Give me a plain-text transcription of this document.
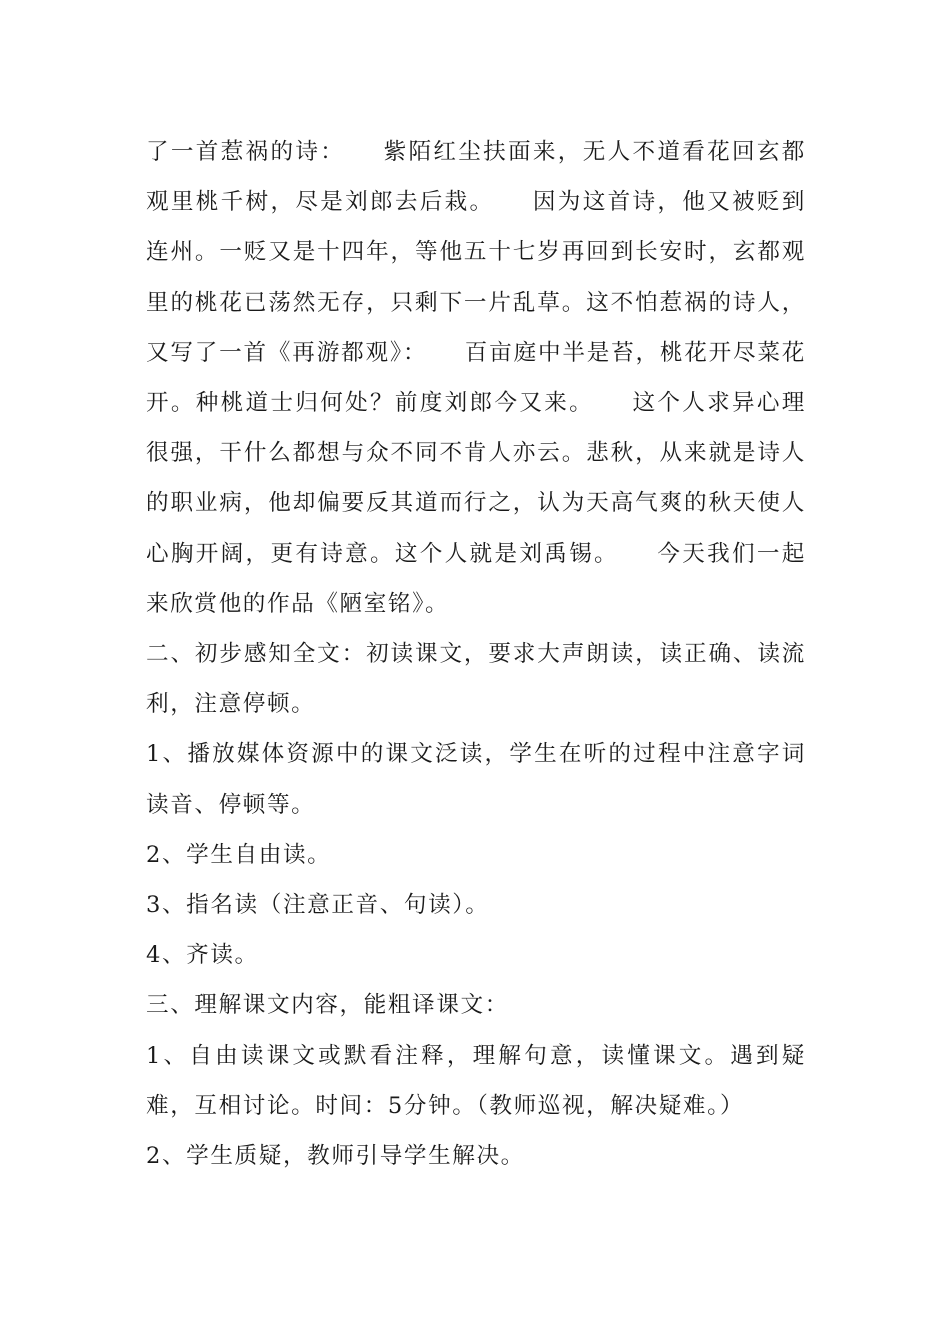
了一首惹祸的诗：　　紫陌红尘扶面来，无人不道看花回玄都观里桃千树，尽是刘郎去后栽。　　因为这首诗，他又被贬到连州。一贬又是十四年，等他五十七岁再回到长安时，玄都观里的桃花已荡然无存，只剩下一片乱草。这不怕惹祸的诗人，又写了一首《再游都观》：　　百亩庭中半是苔，桃花开尽菜花开。种桃道士归何处？前度刘郎今又来。　　这个人求异心理很强，干什么都想与众不同不肯人亦云。悲秋，从来就是诗人的职业病，他却偏要反其道而行之，认为天高气爽的秋天使人心胸开阔，更有诗意。这个人就是刘禹锡。　　今天我们一起来欣赏他的作品《陋室铭》。

二、初步感知全文：初读课文，要求大声朗读，读正确、读流利，注意停顿。

1、播放媒体资源中的课文泛读，学生在听的过程中注意字词读音、停顿等。

2、学生自由读。

3、指名读（注意正音、句读）。

4、齐读。

三、理解课文内容，能粗译课文：

1、自由读课文或默看注释，理解句意，读懂课文。遇到疑难，互相讨论。时间：5分钟。（教师巡视，解决疑难。）

2、学生质疑，教师引导学生解决。
